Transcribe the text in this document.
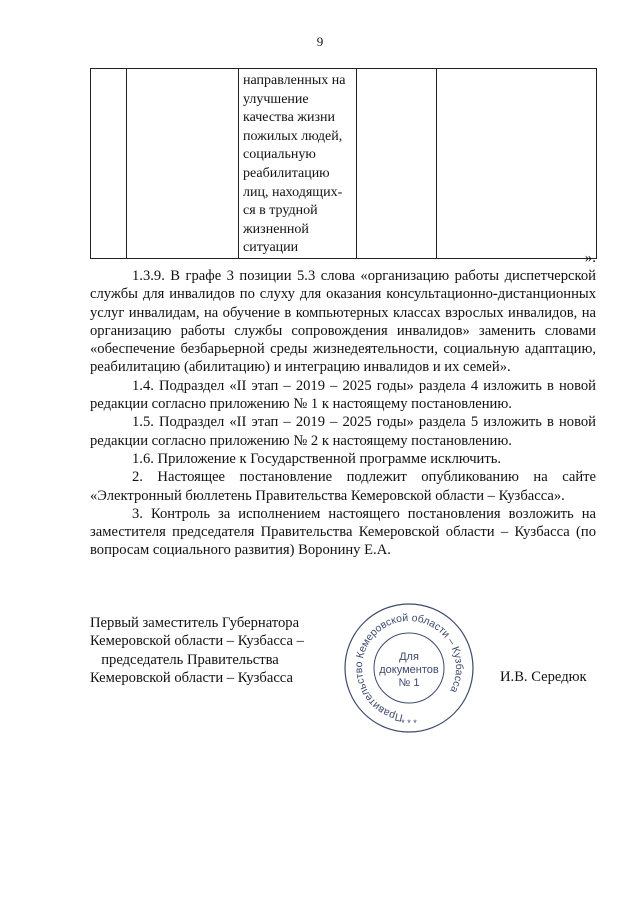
9

направленных на
улучшение
качества жизни
пожилых людей,
социальную
реабилитацию
лиц, находящих-
ся в трудной
жизненной
ситуации

».

1.3.9. В графе 3 позиции 5.3 слова «организацию работы диспетчерской службы для инвалидов по слуху для оказания консультационно-дистанционных услуг инвалидам, на обучение в компьютерных классах взрослых инвалидов, на организацию работы службы сопровождения инвалидов» заменить словами «обеспечение безбарьерной среды жизнедеятельности, социальную адаптацию, реабилитацию (абилитацию) и интеграцию инвалидов и их семей».

1.4. Подраздел «II этап – 2019 – 2025 годы» раздела 4 изложить в новой редакции согласно приложению № 1 к настоящему постановлению.

1.5. Подраздел «II этап – 2019 – 2025 годы» раздела 5 изложить в новой редакции согласно приложению № 2 к настоящему постановлению.

1.6. Приложение к Государственной программе исключить.

2. Настоящее постановление подлежит опубликованию на сайте «Электронный бюллетень Правительства Кемеровской области – Кузбасса».

3. Контроль за исполнением настоящего постановления возложить на заместителя председателя Правительства Кемеровской области – Кузбасса (по вопросам социального развития) Воронину Е.А.

Первый заместитель Губернатора
Кемеровской области – Кузбасса –
председатель Правительства
Кемеровской области – Кузбасса
Правительство Кемеровской области – Кузбасса
* * *
Для
документов
№ 1	И.В. Середюк
